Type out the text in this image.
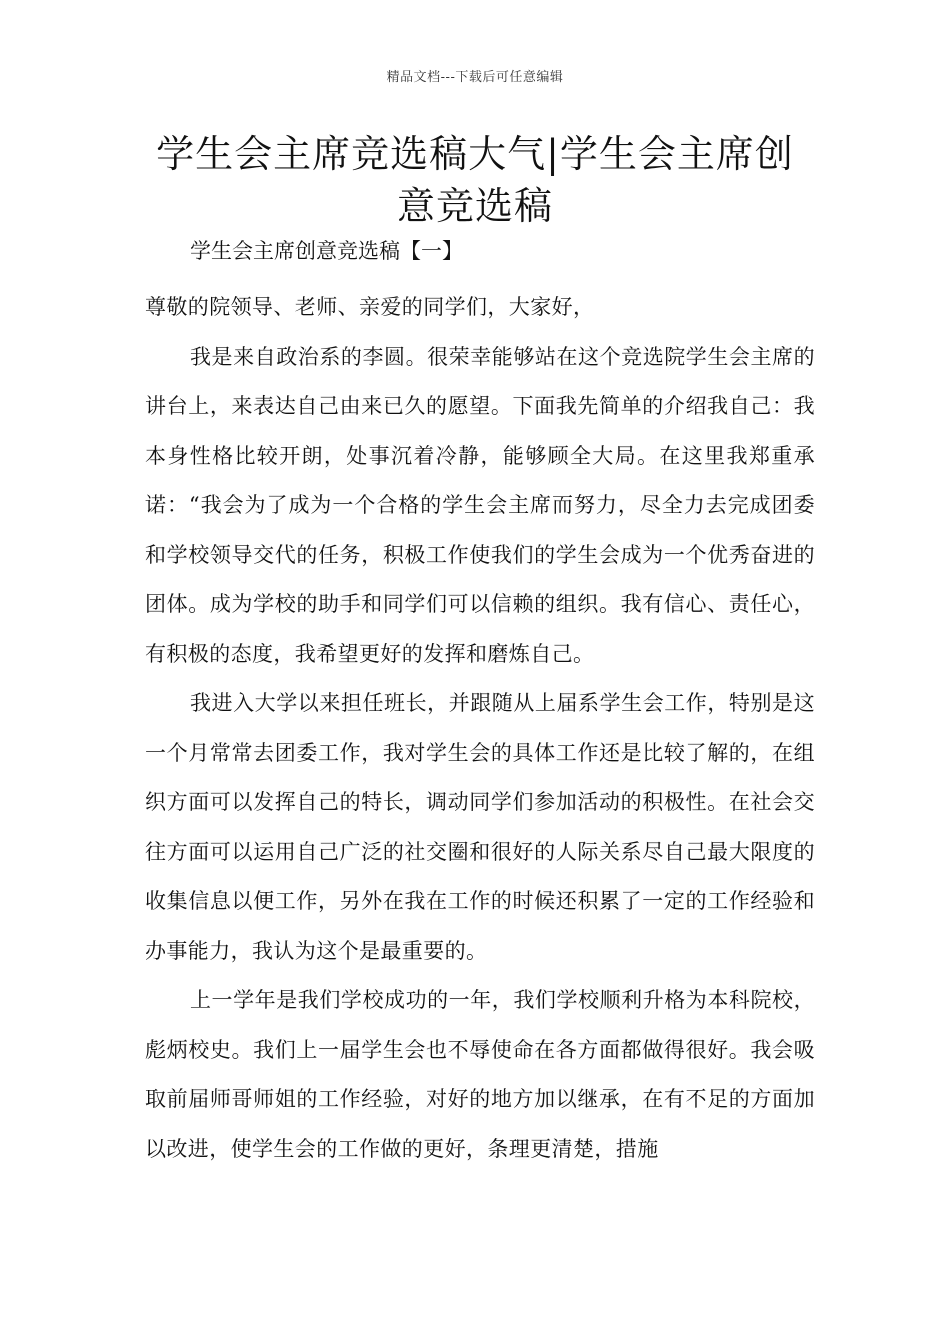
精品文档---下载后可任意编辑
学生会主席竞选稿大气|学生会主席创意竞选稿
学生会主席创意竞选稿【一】

尊敬的院领导、老师、亲爱的同学们，大家好，

我是来自政治系的李圆。很荣幸能够站在这个竞选院学生会主席的讲台上，来表达自己由来已久的愿望。下面我先简单的介绍我自己：我本身性格比较开朗，处事沉着冷静，能够顾全大局。在这里我郑重承诺：“我会为了成为一个合格的学生会主席而努力，尽全力去完成团委和学校领导交代的任务，积极工作使我们的学生会成为一个优秀奋进的团体。成为学校的助手和同学们可以信赖的组织。我有信心、责任心，有积极的态度，我希望更好的发挥和磨炼自己。

我进入大学以来担任班长，并跟随从上届系学生会工作，特别是这一个月常常去团委工作，我对学生会的具体工作还是比较了解的，在组织方面可以发挥自己的特长，调动同学们参加活动的积极性。在社会交往方面可以运用自己广泛的社交圈和很好的人际关系尽自己最大限度的收集信息以便工作，另外在我在工作的时候还积累了一定的工作经验和办事能力，我认为这个是最重要的。

上一学年是我们学校成功的一年，我们学校顺利升格为本科院校，彪炳校史。我们上一届学生会也不辱使命在各方面都做得很好。我会吸取前届师哥师姐的工作经验，对好的地方加以继承，在有不足的方面加以改进，使学生会的工作做的更好，条理更清楚，措施
